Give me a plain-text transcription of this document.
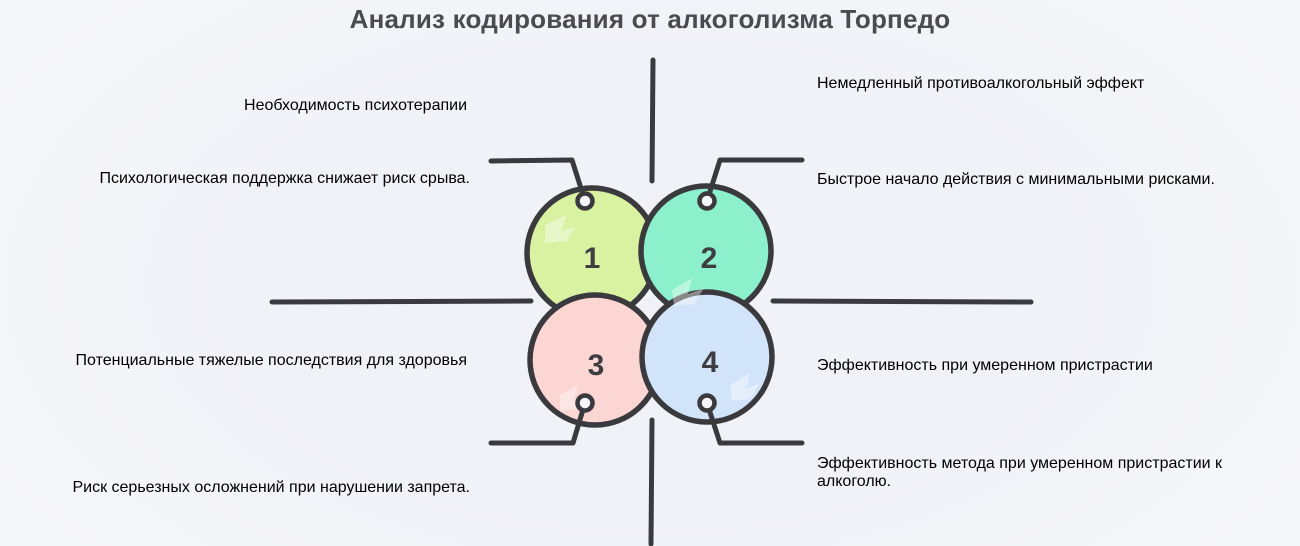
Анализ кодирования от алкоголизма Торпедо
1	2
3	4
Необходимость психотерапии
Психологическая поддержка снижает риск срыва.
Немедленный противоалкогольный эффект
Быстрое начало действия с минимальными рисками.
Потенциальные тяжелые последствия для здоровья
Риск серьезных осложнений при нарушении запрета.
Эффективность при умеренном пристрастии
Эффективность метода при умеренном пристрастии к алкоголю.
